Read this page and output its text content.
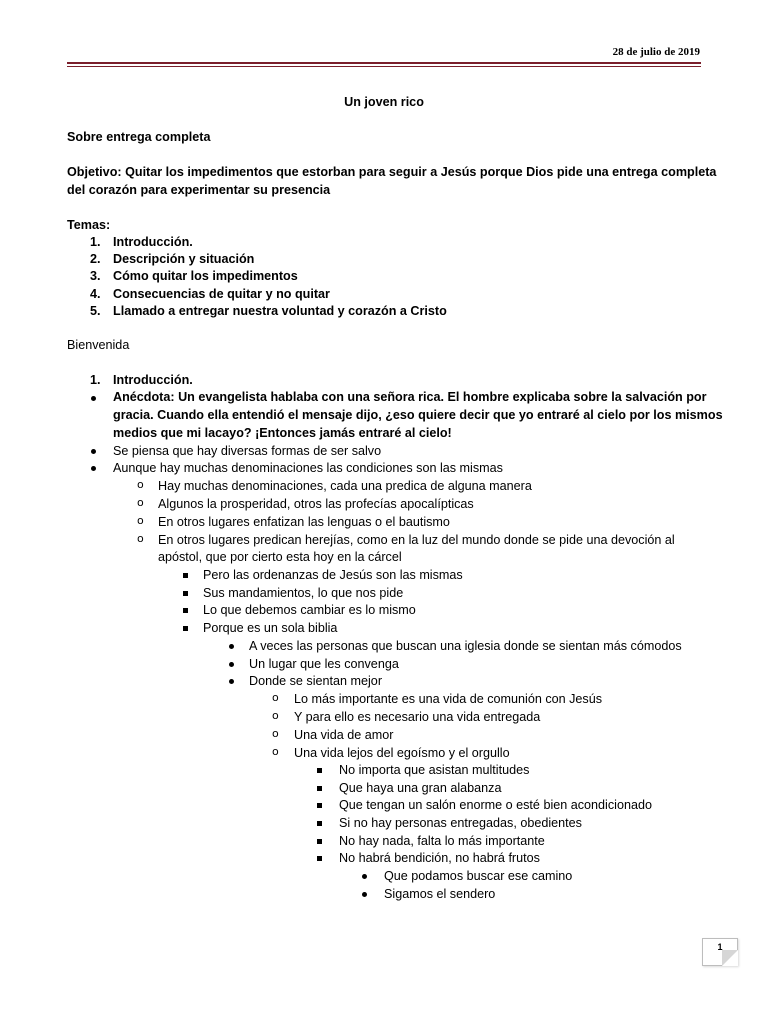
28 de julio de 2019
Un joven rico
Sobre entrega completa
Objetivo: Quitar los impedimentos que estorban para seguir a Jesús porque Dios pide una entrega completa
del corazón para experimentar su presencia
Temas:
1. Introducción.
2. Descripción y situación
3. Cómo quitar los impedimentos
4. Consecuencias de quitar y no quitar
5. Llamado a entregar nuestra voluntad y corazón a Cristo
Bienvenida
1. Introducción.
Anécdota: Un evangelista hablaba con una señora rica. El hombre explicaba sobre la salvación por
gracia. Cuando ella entendió el mensaje dijo, ¿eso quiere decir que yo entraré al cielo por los mismos
medios que mi lacayo? ¡Entonces jamás entraré al cielo!
Se piensa que hay diversas formas de ser salvo
Aunque hay muchas denominaciones las condiciones son las mismas
o Hay muchas denominaciones, cada una predica de alguna manera
o Algunos la prosperidad, otros las profecías apocalípticas
o En otros lugares enfatizan las lenguas o el bautismo
o En otros lugares predican herejías, como en la luz del mundo donde se pide una devoción al
apóstol, que por cierto esta hoy en la cárcel
Pero las ordenanzas de Jesús son las mismas
Sus mandamientos, lo que nos pide
Lo que debemos cambiar es lo mismo
Porque es un sola biblia
A veces las personas que buscan una iglesia donde se sientan más cómodos
Un lugar que les convenga
Donde se sientan mejor
o Lo más importante es una vida de comunión con Jesús
o Y para ello es necesario una vida entregada
o Una vida de amor
o Una vida lejos del egoísmo y el orgullo
No importa que asistan multitudes
Que haya una gran alabanza
Que tengan un salón enorme o esté bien acondicionado
Si no hay personas entregadas, obedientes
No hay nada, falta lo más importante
No habrá bendición, no habrá frutos
Que podamos buscar ese camino
Sigamos el sendero
1
